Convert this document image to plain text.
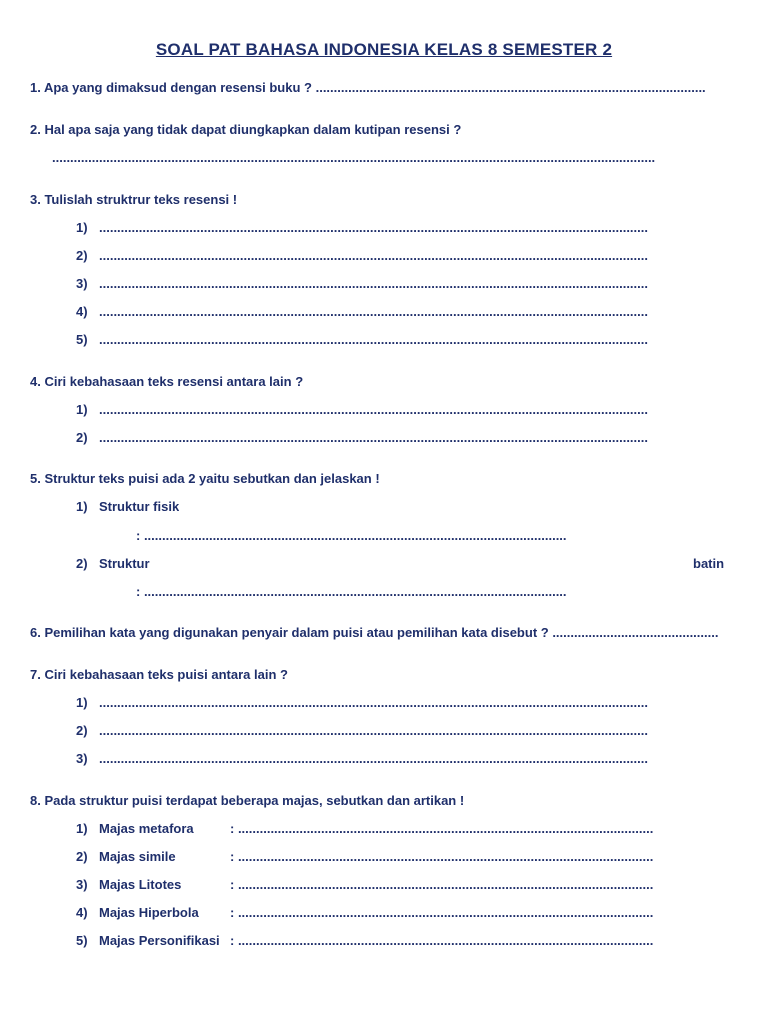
SOAL PAT BAHASA INDONESIA KELAS 8 SEMESTER 2
1. Apa yang dimaksud dengan resensi buku ? ............................................................................................................
2. Hal apa saja yang tidak dapat diungkapkan dalam kutipan resensi ?
.......................................................................................................................................................................
3. Tulislah struktrur teks resensi !
1) ........................................................................................................................................................
2) ........................................................................................................................................................
3) ........................................................................................................................................................
4) ........................................................................................................................................................
5) ........................................................................................................................................................
4. Ciri kebahasaan teks resensi antara lain ?
1) ........................................................................................................................................................
2) ........................................................................................................................................................
5. Struktur teks puisi ada 2 yaitu sebutkan dan jelaskan !
1) Struktur fisik
: .....................................................................................................................
2) Struktur	batin
: .....................................................................................................................
6. Pemilihan kata yang digunakan penyair dalam puisi atau pemilihan kata disebut ? ..............................................
7. Ciri kebahasaan teks puisi antara lain ?
1) ........................................................................................................................................................
2) ........................................................................................................................................................
3) ........................................................................................................................................................
8. Pada struktur puisi terdapat beberapa majas, sebutkan dan artikan !
1) Majas metafora	: ...................................................................................................................
2) Majas simile	: ...................................................................................................................
3) Majas Litotes	: ...................................................................................................................
4) Majas Hiperbola : ...................................................................................................................
5) Majas Personifikasi : ...................................................................................................................
